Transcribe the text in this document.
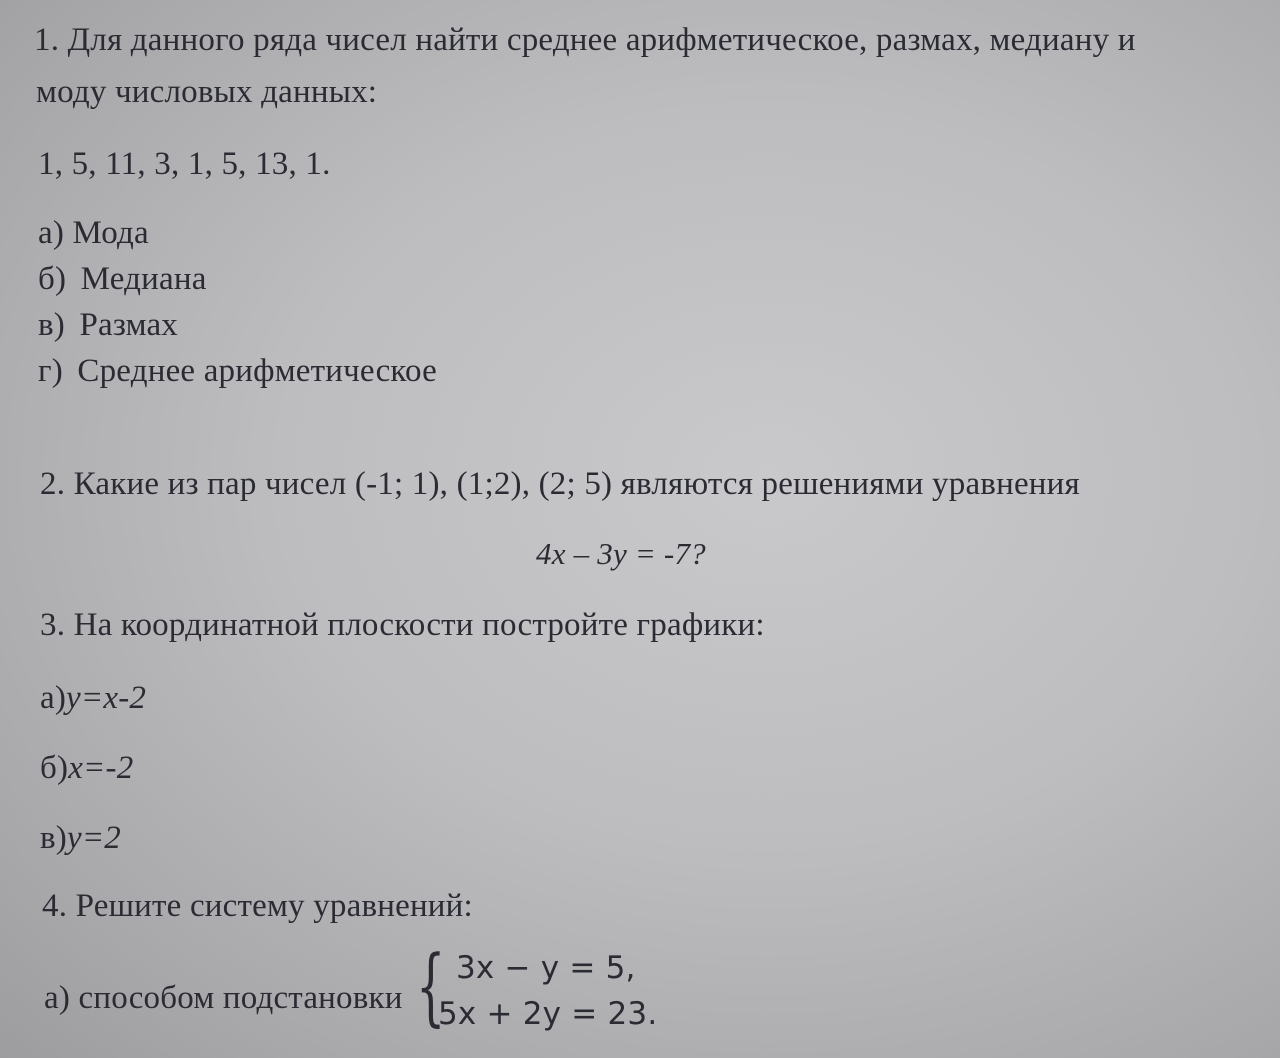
1. Для данного ряда чисел найти среднее арифметическое, размах, медиану и
моду числовых данных:
1, 5, 11, 3, 1, 5, 13, 1.
а) Мода
б) Медиана
в) Размах
г) Среднее арифметическое
2. Какие из пар чисел (-1; 1), (1;2), (2; 5) являются решениями уравнения
4x – 3y = -7?
3. На координатной плоскости постройте графики:
а)y=x-2
б)x=-2
в)y=2
4. Решите систему уравнений:
а) способом подстановки { 3x − y = 5,
5x + 2y = 23.
